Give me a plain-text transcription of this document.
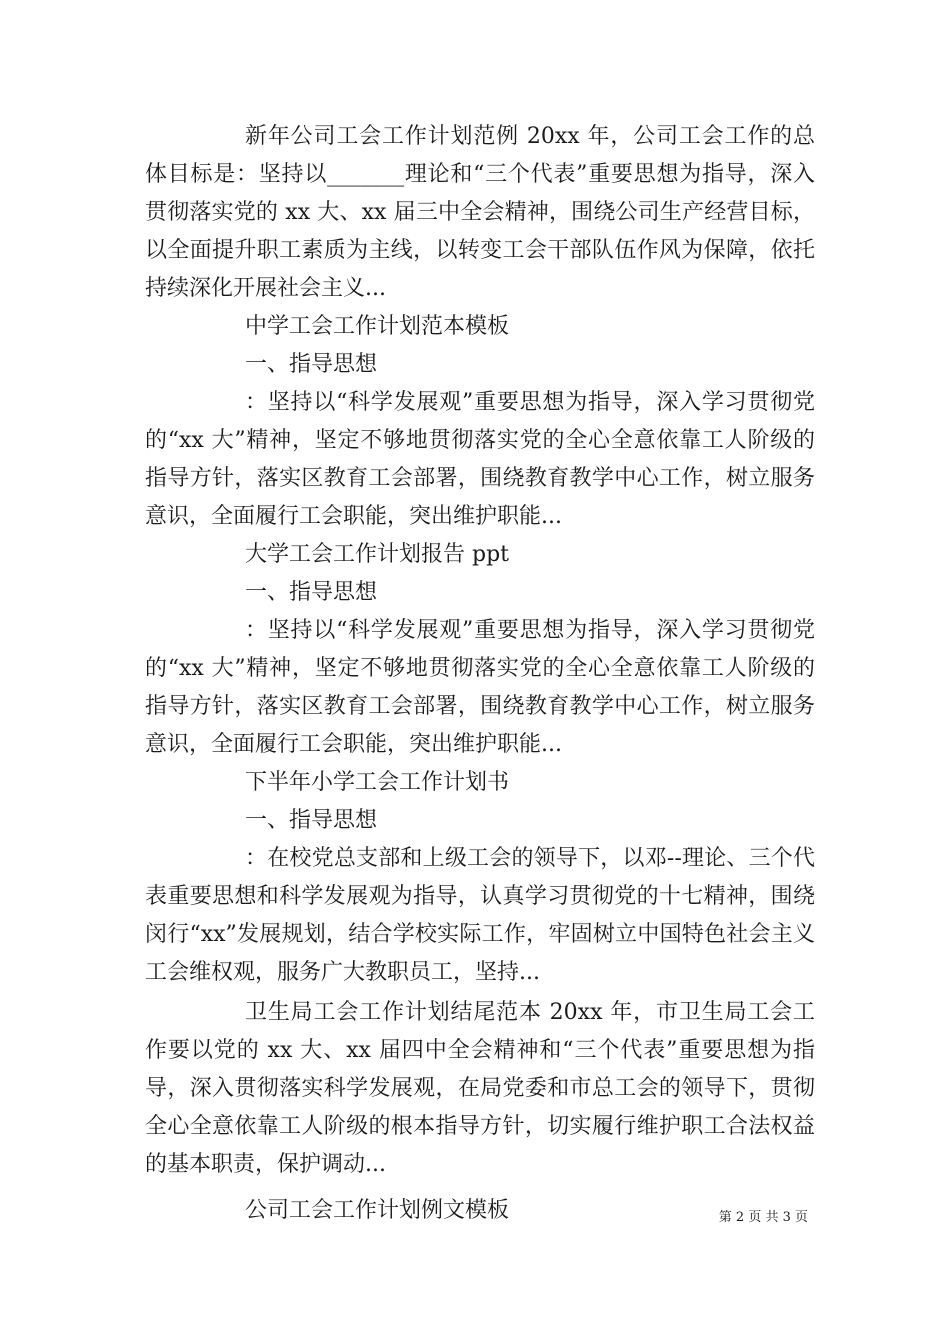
新年公司工会工作计划范例 20xx 年，公司工会工作的总体目标是：坚持以_______理论和“三个代表”重要思想为指导，深入贯彻落实党的 xx 大、xx 届三中全会精神，围绕公司生产经营目标，以全面提升职工素质为主线，以转变工会干部队伍作风为保障，依托持续深化开展社会主义...

中学工会工作计划范本模板

一、指导思想

：坚持以“科学发展观”重要思想为指导，深入学习贯彻党的“xx 大”精神，坚定不够地贯彻落实党的全心全意依靠工人阶级的指导方针，落实区教育工会部署，围绕教育教学中心工作，树立服务意识，全面履行工会职能，突出维护职能...

大学工会工作计划报告 ppt

一、指导思想

：坚持以“科学发展观”重要思想为指导，深入学习贯彻党的“xx 大”精神，坚定不够地贯彻落实党的全心全意依靠工人阶级的指导方针，落实区教育工会部署，围绕教育教学中心工作，树立服务意识，全面履行工会职能，突出维护职能...

下半年小学工会工作计划书

一、指导思想

：在校党总支部和上级工会的领导下，以邓--理论、三个代表重要思想和科学发展观为指导，认真学习贯彻党的十七精神，围绕闵行“xx”发展规划，结合学校实际工作，牢固树立中国特色社会主义工会维权观，服务广大教职员工，坚持...

卫生局工会工作计划结尾范本 20xx 年，市卫生局工会工作要以党的 xx 大、xx 届四中全会精神和“三个代表”重要思想为指导，深入贯彻落实科学发展观，在局党委和市总工会的领导下，贯彻全心全意依靠工人阶级的根本指导方针，切实履行维护职工合法权益的基本职责，保护调动...

公司工会工作计划例文模板	第 2 页 共 3 页
